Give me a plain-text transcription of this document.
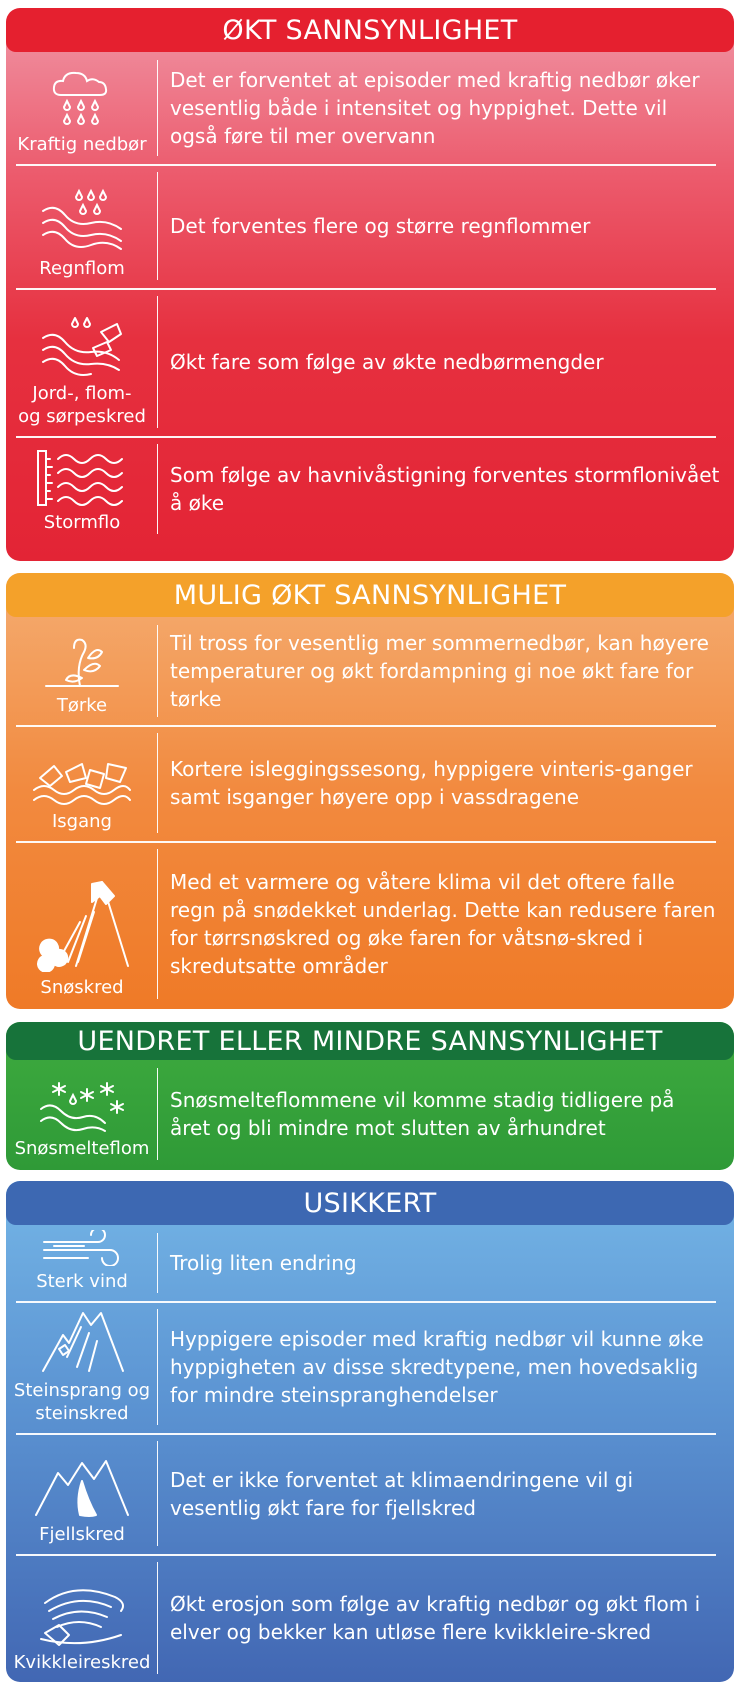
ØKT SANNSYNLIGHET
Kraftig nedbør
Det er forventet at episoder med kraftig nedbør øker vesentlig både i intensitet og hyppighet. Dette vil også føre til mer overvann
Regnflom
Det forventes flere og større regnflommer
Jord-, flom-
og sørpeskred
Økt fare som følge av økte nedbørmengder
Stormflo
Som følge av havnivåstigning forventes stormflonivået å øke
MULIG ØKT SANNSYNLIGHET
Tørke
Til tross for vesentlig mer sommernedbør, kan høyere temperaturer og økt fordampning gi noe økt fare for tørke
Isgang
Kortere isleggingssesong, hyppigere vinteris-ganger samt isganger høyere opp i vassdragene
Snøskred
Med et varmere og våtere klima vil det oftere falle regn på snødekket underlag. Dette kan redusere faren for tørrsnøskred og øke faren for våtsnø-skred i skredutsatte områder
UENDRET ELLER MINDRE SANNSYNLIGHET
Snøsmelteflom
Snøsmelteflommene vil komme stadig tidligere på året og bli mindre mot slutten av århundret
USIKKERT
Sterk vind
Trolig liten endring
Steinsprang og
steinskred
Hyppigere episoder med kraftig nedbør vil kunne øke hyppigheten av disse skredtypene, men hovedsaklig for mindre steinspranghendelser
Fjellskred
Det er ikke forventet at klimaendringene vil gi vesentlig økt fare for fjellskred
Kvikkleireskred
Økt erosjon som følge av kraftig nedbør og økt flom i elver og bekker kan utløse flere kvikkleire-skred
